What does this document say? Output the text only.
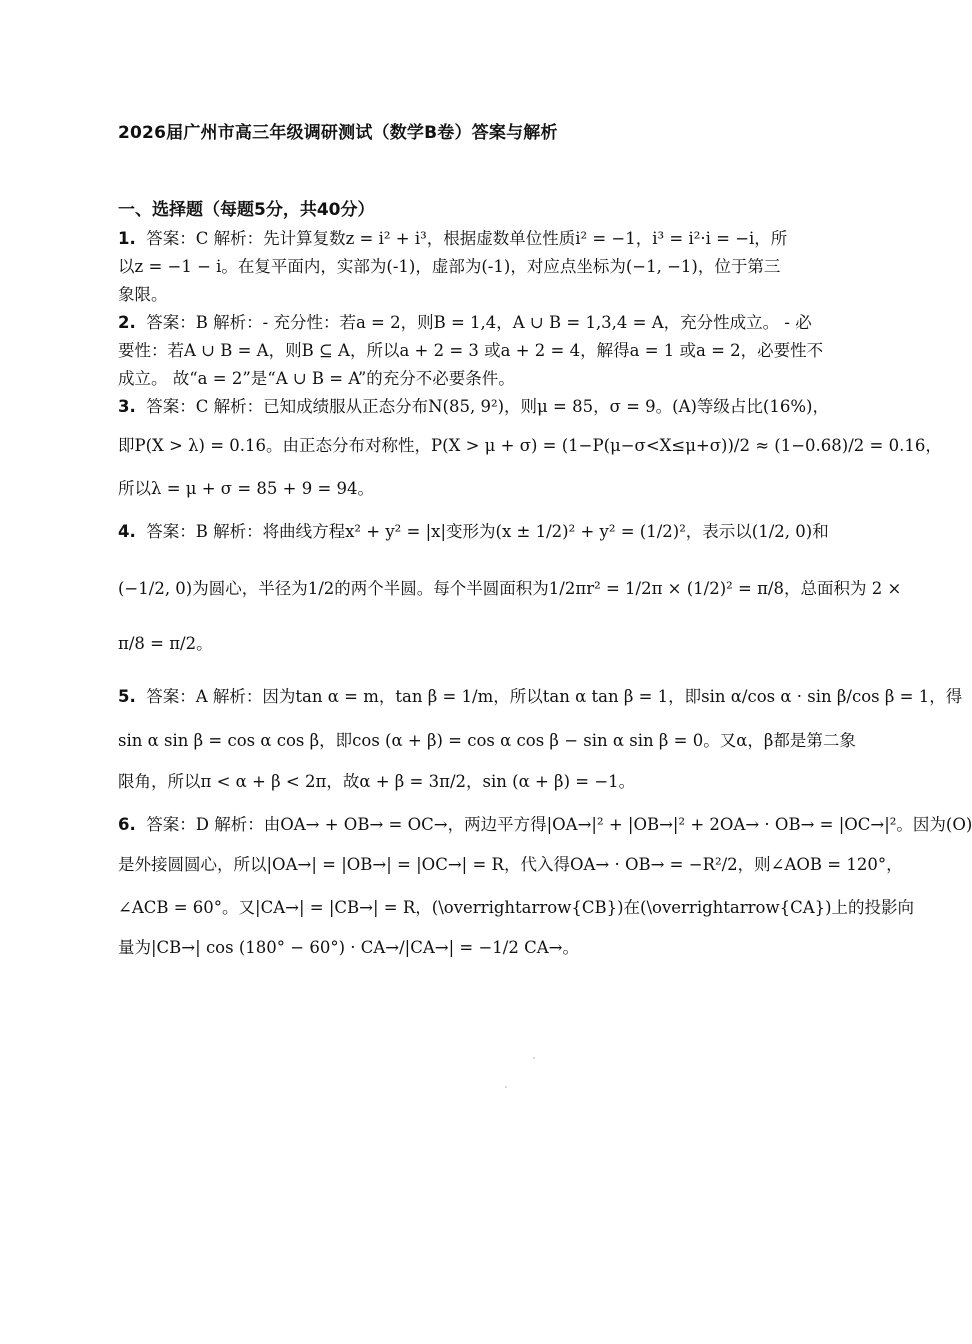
2026届广州市高三年级调研测试（数学B卷）答案与解析
一、选择题（每题5分，共40分）
1. 答案：C 解析：先计算复数z = i² + i³，根据虚数单位性质i² = −1，i³ = i²·i = −i，所
以z = −1 − i。在复平面内，实部为(-1)，虚部为(-1)，对应点坐标为(−1, −1)，位于第三
象限。
2. 答案：B 解析：- 充分性：若a = 2，则B = 1,4，A ∪ B = 1,3,4 = A，充分性成立。 - 必
要性：若A ∪ B = A，则B ⊆ A，所以a + 2 = 3 或a + 2 = 4，解得a = 1 或a = 2，必要性不
成立。 故“a = 2”是“A ∪ B = A”的充分不必要条件。
3. 答案：C 解析：已知成绩服从正态分布N(85, 9²)，则μ = 85，σ = 9。(A)等级占比(16%)，
即P(X > λ) = 0.16。由正态分布对称性，P(X > μ + σ) = (1−P(μ−σ<X≤μ+σ))/2 ≈ (1−0.68)/2 = 0.16，
所以λ = μ + σ = 85 + 9 = 94。
4. 答案：B 解析：将曲线方程x² + y² = |x|变形为(x ± 1/2)² + y² = (1/2)²，表示以(1/2, 0)和
(−1/2, 0)为圆心，半径为1/2的两个半圆。每个半圆面积为1/2πr² = 1/2π × (1/2)² = π/8，总面积为 2 ×
π/8 = π/2。
5. 答案：A 解析：因为tan α = m，tan β = 1/m，所以tan α tan β = 1，即sin α/cos α · sin β/cos β = 1，得
sin α sin β = cos α cos β，即cos (α + β) = cos α cos β − sin α sin β = 0。又α，β都是第二象
限角，所以π < α + β < 2π，故α + β = 3π/2，sin (α + β) = −1。
6. 答案：D 解析：由OA→ + OB→ = OC→，两边平方得|OA→|² + |OB→|² + 2OA→ · OB→ = |OC→|²。因为(O)
是外接圆圆心，所以|OA→| = |OB→| = |OC→| = R，代入得OA→ · OB→ = −R²/2，则∠AOB = 120°，
∠ACB = 60°。又|CA→| = |CB→| = R，(\overrightarrow{CB})在(\overrightarrow{CA})上的投影向
量为|CB→| cos (180° − 60°) · CA→/|CA→| = −1/2 CA→。
